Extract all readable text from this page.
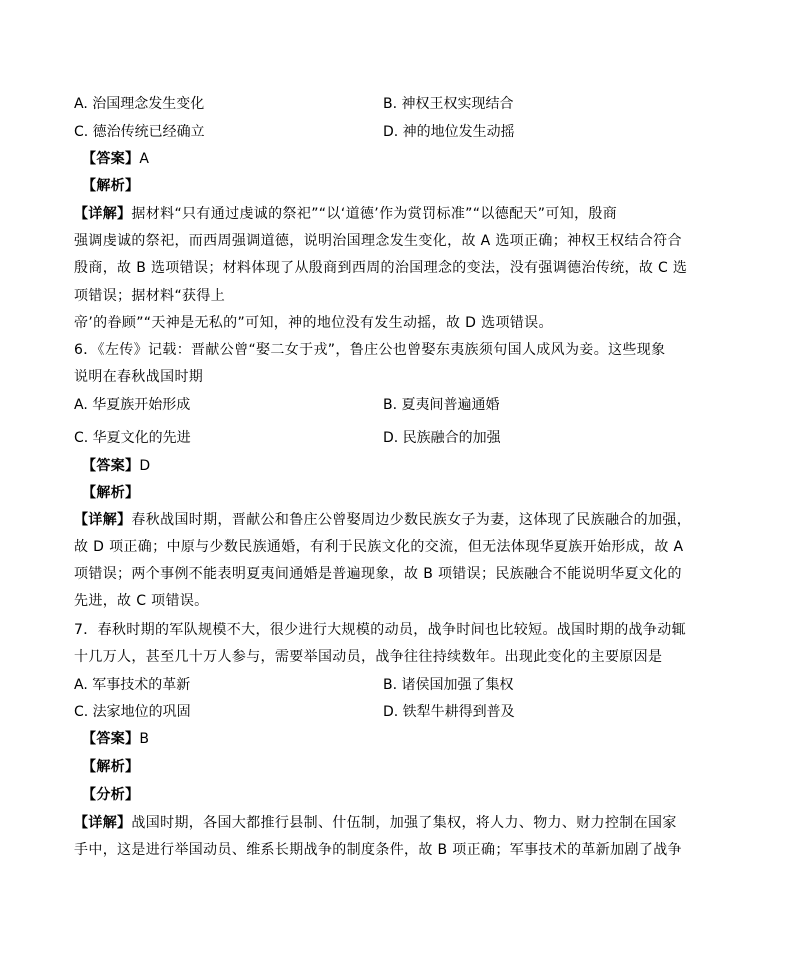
A. 治国理念发生变化	B. 神权王权实现结合
C. 德治传统已经确立	D. 神的地位发生动摇
【答案】A
【解析】
【详解】据材料“只有通过虔诚的祭祀”“以‘道德’作为赏罚标准”“以德配天”可知，殷商
强调虔诚的祭祀，而西周强调道德，说明治国理念发生变化，故 A 选项正确；神权王权结合符合
殷商，故 B 选项错误；材料体现了从殷商到西周的治国理念的变法，没有强调德治传统，故 C 选
项错误；据材料“获得上
帝’的眷顾”“天神是无私的”可知，神的地位没有发生动摇，故 D 选项错误。
6．《左传》记载：晋献公曾“娶二女于戎”，鲁庄公也曾娶东夷族须句国人成风为妾。这些现象
说明在春秋战国时期
A. 华夏族开始形成	B. 夏夷间普遍通婚
C. 华夏文化的先进	D. 民族融合的加强
【答案】D
【解析】
【详解】春秋战国时期，晋献公和鲁庄公曾娶周边少数民族女子为妻，这体现了民族融合的加强，
故 D 项正确；中原与少数民族通婚，有利于民族文化的交流，但无法体现华夏族开始形成，故 A
项错误；两个事例不能表明夏夷间通婚是普遍现象，故 B 项错误；民族融合不能说明华夏文化的
先进，故 C 项错误。
7．春秋时期的军队规模不大，很少进行大规模的动员，战争时间也比较短。战国时期的战争动辄
十几万人，甚至几十万人参与，需要举国动员，战争往往持续数年。出现此变化的主要原因是
A. 军事技术的革新	B. 诸侯国加强了集权
C. 法家地位的巩固	D. 铁犁牛耕得到普及
【答案】B
【解析】
【分析】
【详解】战国时期，各国大都推行县制、什伍制，加强了集权，将人力、物力、财力控制在国家
手中，这是进行举国动员、维系长期战争的制度条件，故 B 项正确；军事技术的革新加剧了战争
